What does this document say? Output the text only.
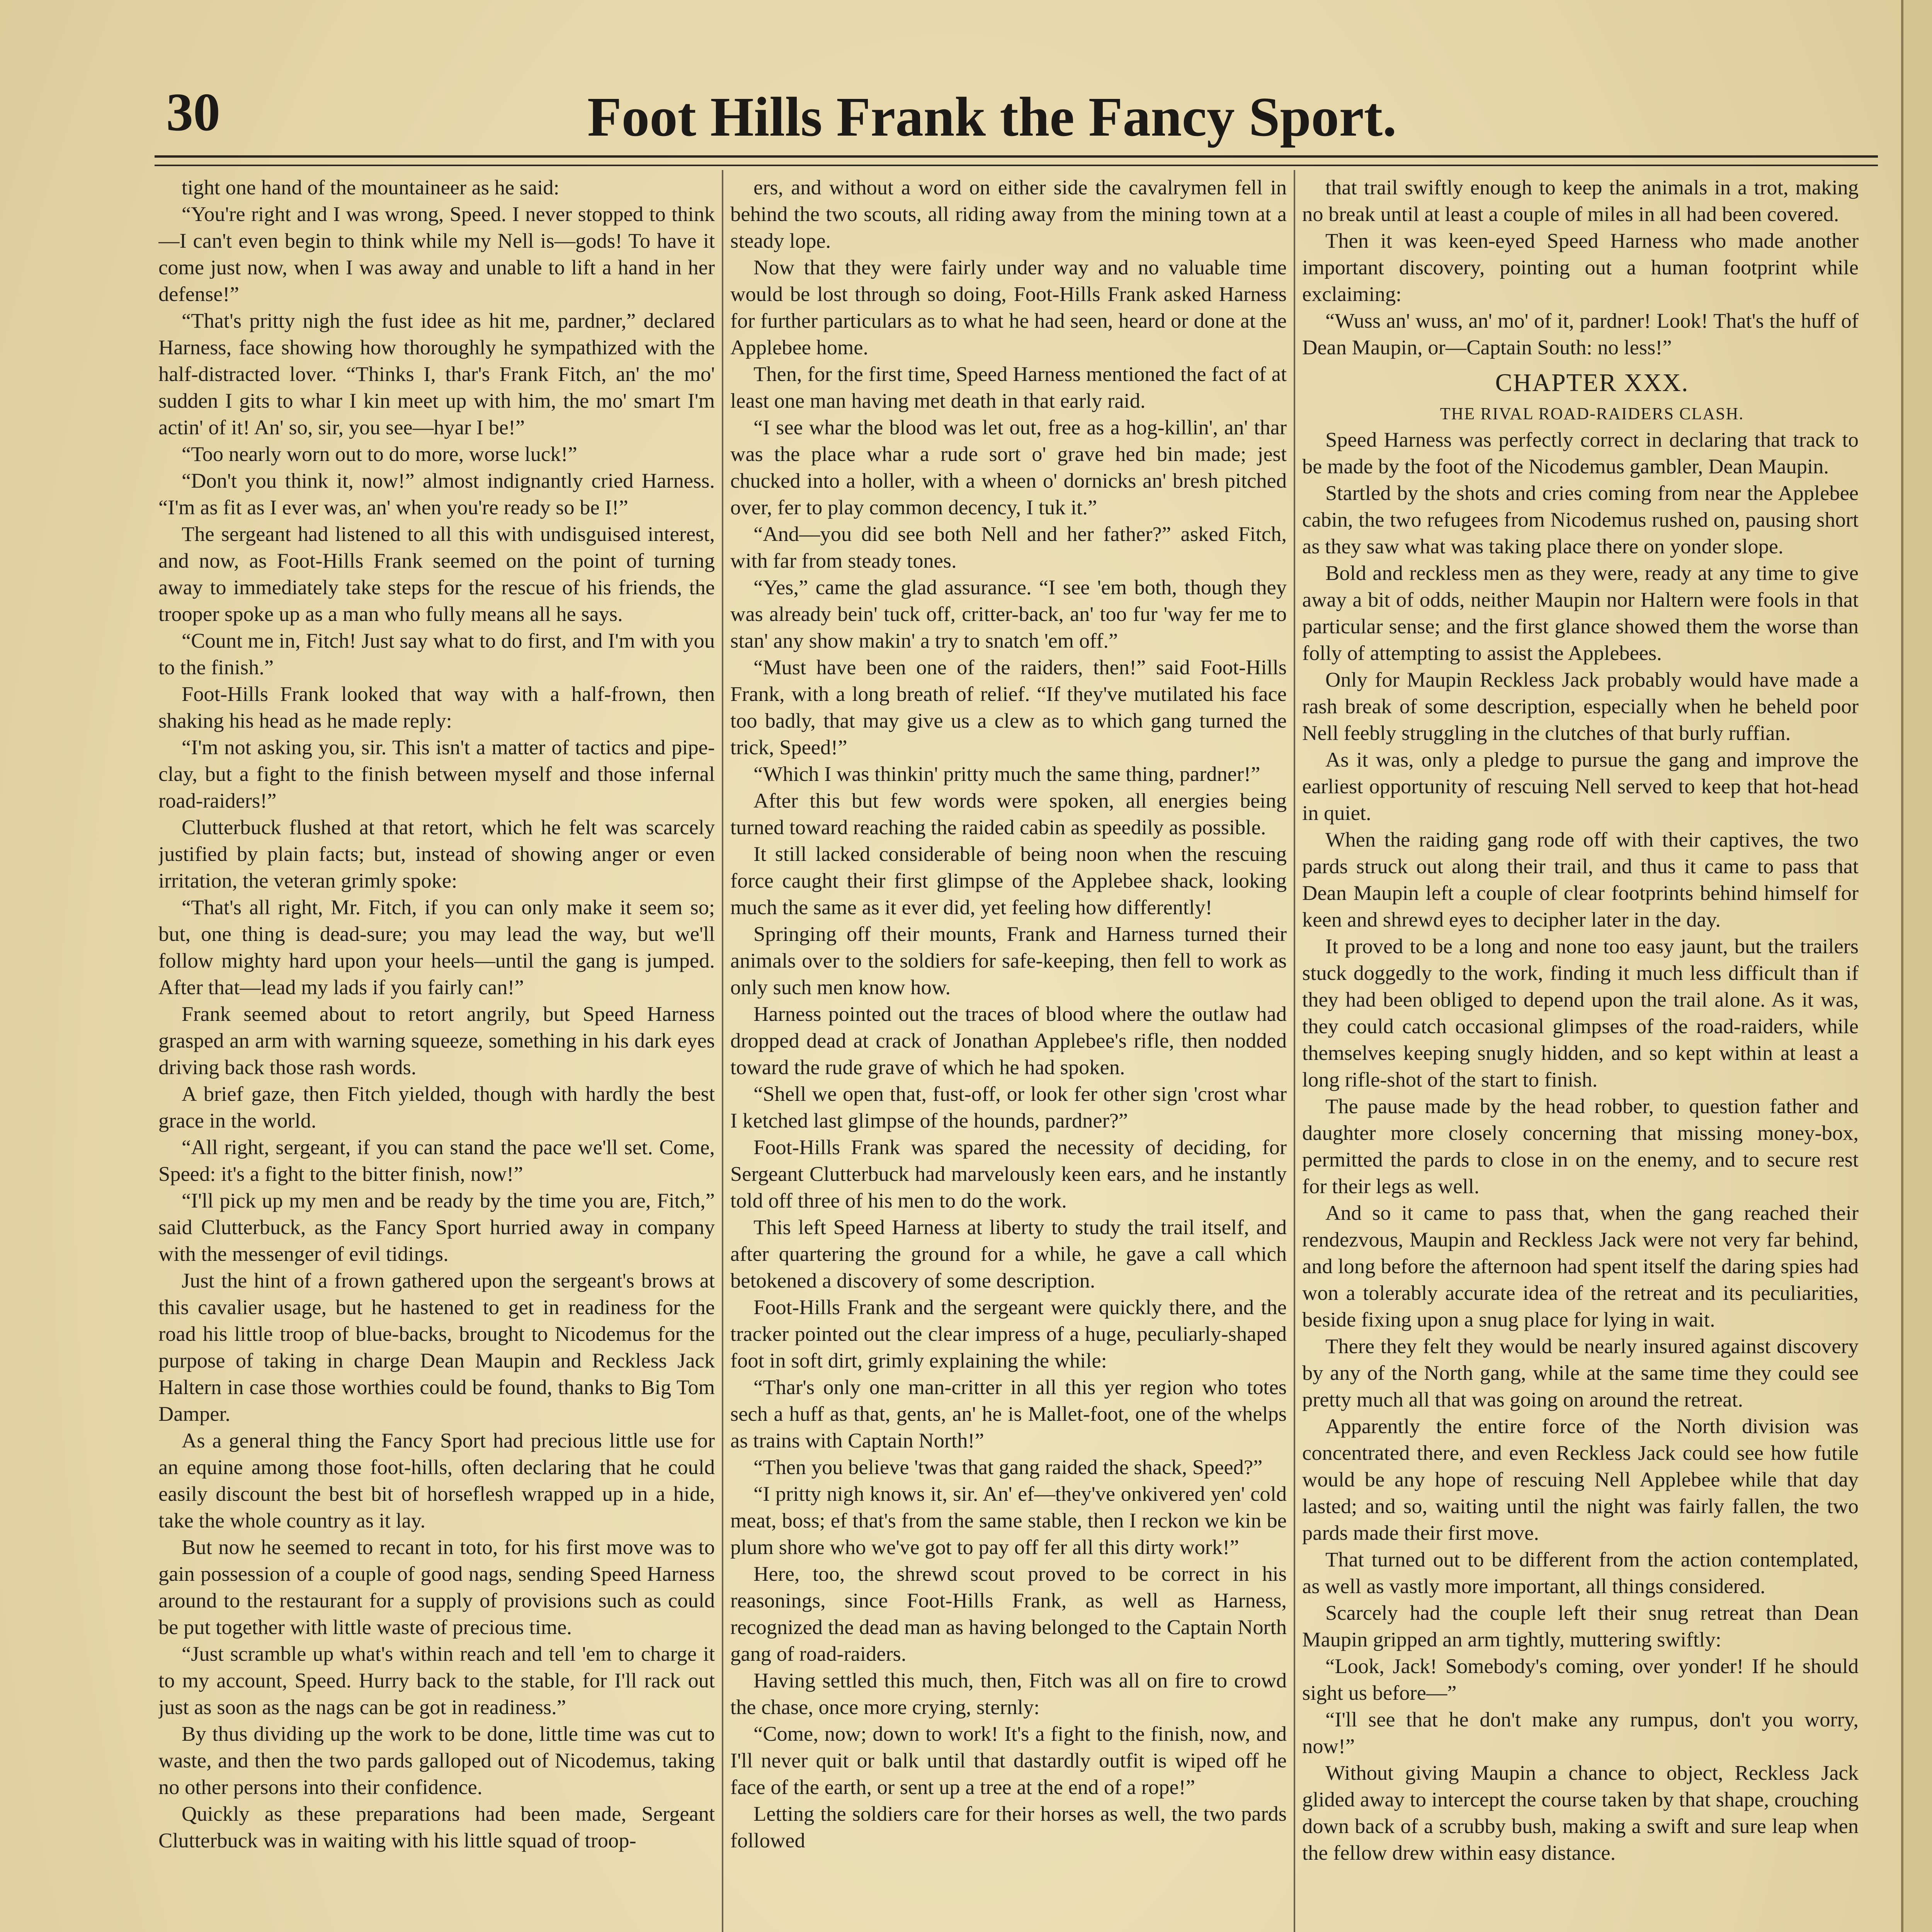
30	Foot Hills Frank the Fancy Sport.

tight one hand of the mountaineer as he said:

“You're right and I was wrong, Speed. I never stopped to think—I can't even begin to think while my Nell is—gods! To have it come just now, when I was away and unable to lift a hand in her defense!”

“That's pritty nigh the fust idee as hit me, pardner,” declared Harness, face showing how thoroughly he sympathized with the half-distracted lover. “Thinks I, thar's Frank Fitch, an' the mo' sudden I gits to whar I kin meet up with him, the mo' smart I'm actin' of it! An' so, sir, you see—hyar I be!”

“Too nearly worn out to do more, worse luck!”

“Don't you think it, now!” almost indignantly cried Harness. “I'm as fit as I ever was, an' when you're ready so be I!”

The sergeant had listened to all this with undisguised interest, and now, as Foot-Hills Frank seemed on the point of turning away to immediately take steps for the rescue of his friends, the trooper spoke up as a man who fully means all he says.

“Count me in, Fitch! Just say what to do first, and I'm with you to the finish.”

Foot-Hills Frank looked that way with a half-frown, then shaking his head as he made reply:

“I'm not asking you, sir. This isn't a matter of tactics and pipe-clay, but a fight to the finish between myself and those infernal road-raiders!”

Clutterbuck flushed at that retort, which he felt was scarcely justified by plain facts; but, instead of showing anger or even irritation, the veteran grimly spoke:

“That's all right, Mr. Fitch, if you can only make it seem so; but, one thing is dead-sure; you may lead the way, but we'll follow mighty hard upon your heels—until the gang is jumped. After that—lead my lads if you fairly can!”

Frank seemed about to retort angrily, but Speed Harness grasped an arm with warning squeeze, something in his dark eyes driving back those rash words.

A brief gaze, then Fitch yielded, though with hardly the best grace in the world.

“All right, sergeant, if you can stand the pace we'll set. Come, Speed: it's a fight to the bitter finish, now!”

“I'll pick up my men and be ready by the time you are, Fitch,” said Clutterbuck, as the Fancy Sport hurried away in company with the messenger of evil tidings.

Just the hint of a frown gathered upon the sergeant's brows at this cavalier usage, but he hastened to get in readiness for the road his little troop of blue-backs, brought to Nicodemus for the purpose of taking in charge Dean Maupin and Reckless Jack Haltern in case those worthies could be found, thanks to Big Tom Damper.

As a general thing the Fancy Sport had precious little use for an equine among those foot-hills, often declaring that he could easily discount the best bit of horseflesh wrapped up in a hide, take the whole country as it lay.

But now he seemed to recant in toto, for his first move was to gain possession of a couple of good nags, sending Speed Harness around to the restaurant for a supply of provisions such as could be put together with little waste of precious time.

“Just scramble up what's within reach and tell 'em to charge it to my account, Speed. Hurry back to the stable, for I'll rack out just as soon as the nags can be got in readiness.”

By thus dividing up the work to be done, little time was cut to waste, and then the two pards galloped out of Nicodemus, taking no other persons into their confidence.

Quickly as these preparations had been made, Sergeant Clutterbuck was in waiting with his little squad of troop-

ers, and without a word on either side the cavalrymen fell in behind the two scouts, all riding away from the mining town at a steady lope.

Now that they were fairly under way and no valuable time would be lost through so doing, Foot-Hills Frank asked Harness for further particulars as to what he had seen, heard or done at the Applebee home.

Then, for the first time, Speed Harness mentioned the fact of at least one man having met death in that early raid.

“I see whar the blood was let out, free as a hog-killin', an' thar was the place whar a rude sort o' grave hed bin made; jest chucked into a holler, with a wheen o' dornicks an' bresh pitched over, fer to play common decency, I tuk it.”

“And—you did see both Nell and her father?” asked Fitch, with far from steady tones.

“Yes,” came the glad assurance. “I see 'em both, though they was already bein' tuck off, critter-back, an' too fur 'way fer me to stan' any show makin' a try to snatch 'em off.”

“Must have been one of the raiders, then!” said Foot-Hills Frank, with a long breath of relief. “If they've mutilated his face too badly, that may give us a clew as to which gang turned the trick, Speed!”

“Which I was thinkin' pritty much the same thing, pardner!”

After this but few words were spoken, all energies being turned toward reaching the raided cabin as speedily as possible.

It still lacked considerable of being noon when the rescuing force caught their first glimpse of the Applebee shack, looking much the same as it ever did, yet feeling how differently!

Springing off their mounts, Frank and Harness turned their animals over to the soldiers for safe-keeping, then fell to work as only such men know how.

Harness pointed out the traces of blood where the outlaw had dropped dead at crack of Jonathan Applebee's rifle, then nodded toward the rude grave of which he had spoken.

“Shell we open that, fust-off, or look fer other sign 'crost whar I ketched last glimpse of the hounds, pardner?”

Foot-Hills Frank was spared the necessity of deciding, for Sergeant Clutterbuck had marvelously keen ears, and he instantly told off three of his men to do the work.

This left Speed Harness at liberty to study the trail itself, and after quartering the ground for a while, he gave a call which betokened a discovery of some description.

Foot-Hills Frank and the sergeant were quickly there, and the tracker pointed out the clear impress of a huge, peculiarly-shaped foot in soft dirt, grimly explaining the while:

“Thar's only one man-critter in all this yer region who totes sech a huff as that, gents, an' he is Mallet-foot, one of the whelps as trains with Captain North!”

“Then you believe 'twas that gang raided the shack, Speed?”

“I pritty nigh knows it, sir. An' ef—they've onkivered yen' cold meat, boss; ef that's from the same stable, then I reckon we kin be plum shore who we've got to pay off fer all this dirty work!”

Here, too, the shrewd scout proved to be correct in his reasonings, since Foot-Hills Frank, as well as Harness, recognized the dead man as having belonged to the Captain North gang of road-raiders.

Having settled this much, then, Fitch was all on fire to crowd the chase, once more crying, sternly:

“Come, now; down to work! It's a fight to the finish, now, and I'll never quit or balk until that dastardly outfit is wiped off he face of the earth, or sent up a tree at the end of a rope!”

Letting the soldiers care for their horses as well, the two pards followed

that trail swiftly enough to keep the animals in a trot, making no break until at least a couple of miles in all had been covered.

Then it was keen-eyed Speed Harness who made another important discovery, pointing out a human footprint while exclaiming:

“Wuss an' wuss, an' mo' of it, pardner! Look! That's the huff of Dean Maupin, or—Captain South: no less!”

CHAPTER XXX.

THE RIVAL ROAD-RAIDERS CLASH.

Speed Harness was perfectly correct in declaring that track to be made by the foot of the Nicodemus gambler, Dean Maupin.

Startled by the shots and cries coming from near the Applebee cabin, the two refugees from Nicodemus rushed on, pausing short as they saw what was taking place there on yonder slope.

Bold and reckless men as they were, ready at any time to give away a bit of odds, neither Maupin nor Haltern were fools in that particular sense; and the first glance showed them the worse than folly of attempting to assist the Applebees.

Only for Maupin Reckless Jack probably would have made a rash break of some description, especially when he beheld poor Nell feebly struggling in the clutches of that burly ruffian.

As it was, only a pledge to pursue the gang and improve the earliest opportunity of rescuing Nell served to keep that hot-head in quiet.

When the raiding gang rode off with their captives, the two pards struck out along their trail, and thus it came to pass that Dean Maupin left a couple of clear footprints behind himself for keen and shrewd eyes to decipher later in the day.

It proved to be a long and none too easy jaunt, but the trailers stuck doggedly to the work, finding it much less difficult than if they had been obliged to depend upon the trail alone. As it was, they could catch occasional glimpses of the road-raiders, while themselves keeping snugly hidden, and so kept within at least a long rifle-shot of the start to finish.

The pause made by the head robber, to question father and daughter more closely concerning that missing money-box, permitted the pards to close in on the enemy, and to secure rest for their legs as well.

And so it came to pass that, when the gang reached their rendezvous, Maupin and Reckless Jack were not very far behind, and long before the afternoon had spent itself the daring spies had won a tolerably accurate idea of the retreat and its peculiarities, beside fixing upon a snug place for lying in wait.

There they felt they would be nearly insured against discovery by any of the North gang, while at the same time they could see pretty much all that was going on around the retreat.

Apparently the entire force of the North division was concentrated there, and even Reckless Jack could see how futile would be any hope of rescuing Nell Applebee while that day lasted; and so, waiting until the night was fairly fallen, the two pards made their first move.

That turned out to be different from the action contemplated, as well as vastly more important, all things considered.

Scarcely had the couple left their snug retreat than Dean Maupin gripped an arm tightly, muttering swiftly:

“Look, Jack! Somebody's coming, over yonder! If he should sight us before—”

“I'll see that he don't make any rumpus, don't you worry, now!”

Without giving Maupin a chance to object, Reckless Jack glided away to intercept the course taken by that shape, crouching down back of a scrubby bush, making a swift and sure leap when the fellow drew within easy distance.
